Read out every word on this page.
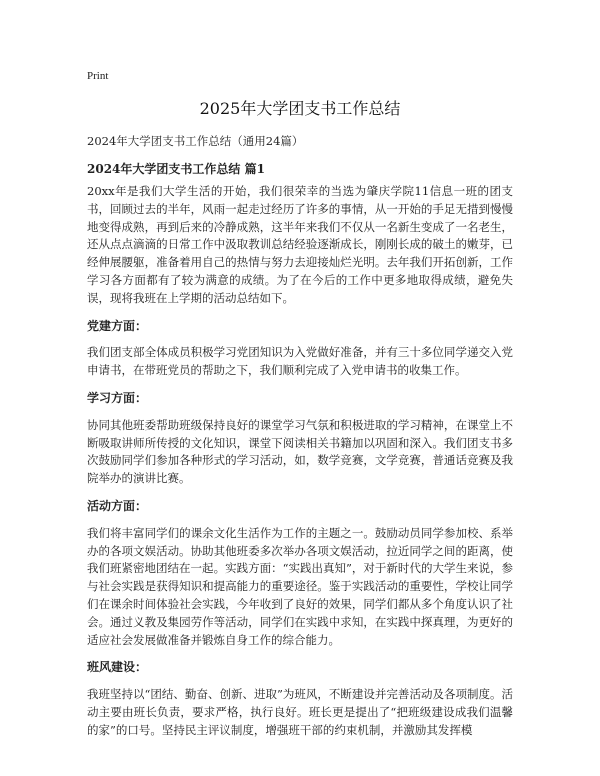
Print
2025年大学团支书工作总结

2024年大学团支书工作总结（通用24篇）

2024年大学团支书工作总结 篇1

20xx年是我们大学生活的开始，我们很荣幸的当选为肇庆学院11信息一班的团支书，回顾过去的半年，风雨一起走过经历了许多的事情，从一开始的手足无措到慢慢地变得成熟，再到后来的冷静成熟，这半年来我们不仅从一名新生变成了一名老生，还从点点滴滴的日常工作中汲取教训总结经验逐渐成长，刚刚长成的破土的嫩芽，已经伸展腰躯，准备着用自己的热情与努力去迎接灿烂光明。去年我们开拓创新，工作学习各方面都有了较为满意的成绩。为了在今后的工作中更多地取得成绩，避免失误，现将我班在上学期的活动总结如下。

党建方面：

我们团支部全体成员积极学习党团知识为入党做好准备，并有三十多位同学递交入党申请书，在带班党员的帮助之下，我们顺利完成了入党申请书的收集工作。

学习方面：

协同其他班委帮助班级保持良好的课堂学习气氛和积极进取的学习精神，在课堂上不断吸取讲师所传授的文化知识，课堂下阅读相关书籍加以巩固和深入。我们团支书多次鼓励同学们参加各种形式的学习活动，如，数学竞赛，文学竞赛，普通话竞赛及我院举办的演讲比赛。

活动方面：

我们将丰富同学们的课余文化生活作为工作的主题之一。鼓励动员同学参加校、系举办的各项文娱活动。协助其他班委多次举办各项文娱活动，拉近同学之间的距离，使我们班紧密地团结在一起。实践方面：“实践出真知”，对于新时代的大学生来说，参与社会实践是获得知识和提高能力的重要途径。鉴于实践活动的重要性，学校让同学们在课余时间体验社会实践，今年收到了良好的效果，同学们都从多个角度认识了社会。通过义教及集园劳作等活动，同学们在实践中求知，在实践中探真理，为更好的适应社会发展做准备并锻炼自身工作的综合能力。

班风建设：

我班坚持以“团结、勤奋、创新、进取”为班风，不断建设并完善活动及各项制度。活动主要由班长负责，要求严格，执行良好。班长更是提出了“把班级建设成我们温馨的家”的口号。坚持民主评议制度，增强班干部的约束机制，并激励其发挥模
